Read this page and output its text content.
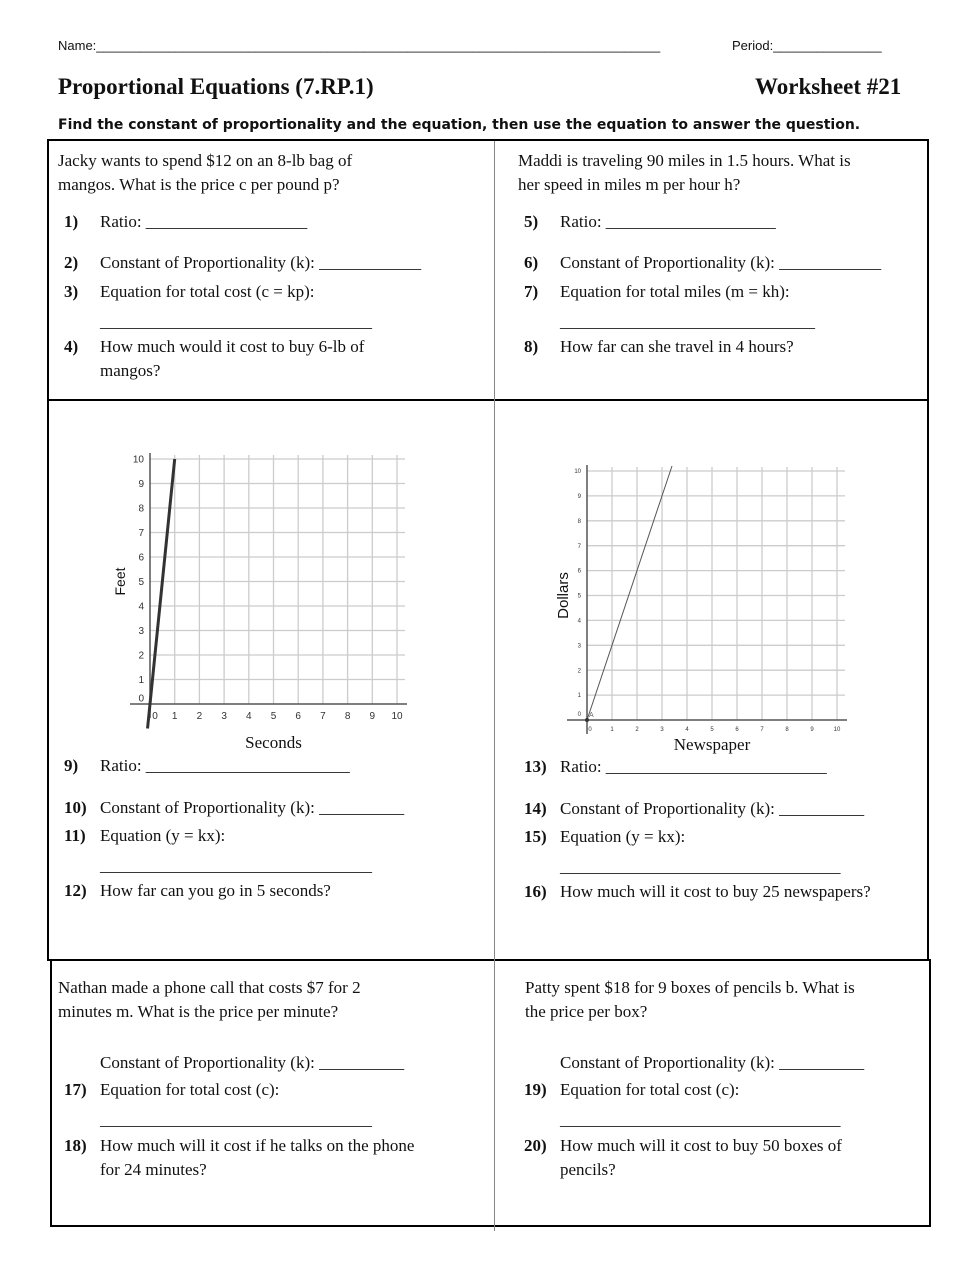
Name:______________________________________________________________________________	Period:_______________
Proportional Equations (7.RP.1)	Worksheet #21
Find the constant of proportionality and the equation, then use the equation to answer the question.
Jacky wants to spend $12 on an 8-lb bag of
mangos. What is the price c per pound p?
1) Ratio: ___________________
2) Constant of Proportionality (k): ____________
3) Equation for total cost (c = kp):
________________________________
4) How much would it cost to buy 6-lb of
mangos?
Maddi is traveling 90 miles in 1.5 hours. What is
her speed in miles m per hour h?
5) Ratio: ____________________
6) Constant of Proportionality (k): ____________
7) Equation for total miles (m = kh):
______________________________
8) How far can she travel in 4 hours?
0 1 2 3 4 5 6 7 8 9 10
0
1
2
3
4
5
6
7
8
9
10
Seconds
Feet
0	1	2	3	4	5	6	7	8	9	10
0
1
2
3
4
5
6
7
8
9
10
Newspaper
Dollars
A
9) Ratio: ________________________
10) Constant of Proportionality (k): __________
11) Equation (y = kx):
________________________________
12) How far can you go in 5 seconds?
13) Ratio: __________________________
14) Constant of Proportionality (k): __________
15) Equation (y = kx):
_________________________________
16) How much will it cost to buy 25 newspapers?
Nathan made a phone call that costs $7 for 2
minutes m. What is the price per minute?
Constant of Proportionality (k): __________
17) Equation for total cost (c):
________________________________
18) How much will it cost if he talks on the phone
for 24 minutes?
Patty spent $18 for 9 boxes of pencils b. What is
the price per box?
Constant of Proportionality (k): __________
19) Equation for total cost (c):
_________________________________
20) How much will it cost to buy 50 boxes of
pencils?
